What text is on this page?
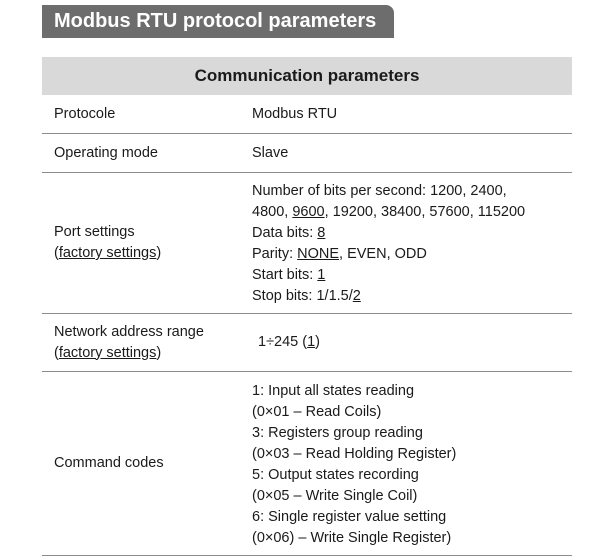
Modbus RTU protocol parameters
Communication parameters
Protocole	Modbus RTU
Operating mode	Slave
Port settings
(factory settings)
Number of bits per second: 1200, 2400,
4800, 9600, 19200, 38400, 57600, 115200
Data bits: 8
Parity: NONE, EVEN, ODD
Start bits: 1
Stop bits: 1/1.5/2
Network address range
(factory settings)
1÷245 (1)
Command codes
1: Input all states reading
(0×01 – Read Coils)
3: Registers group reading
(0×03 – Read Holding Register)
5: Output states recording
(0×05 – Write Single Coil)
6: Single register value setting
(0×06) – Write Single Register)
